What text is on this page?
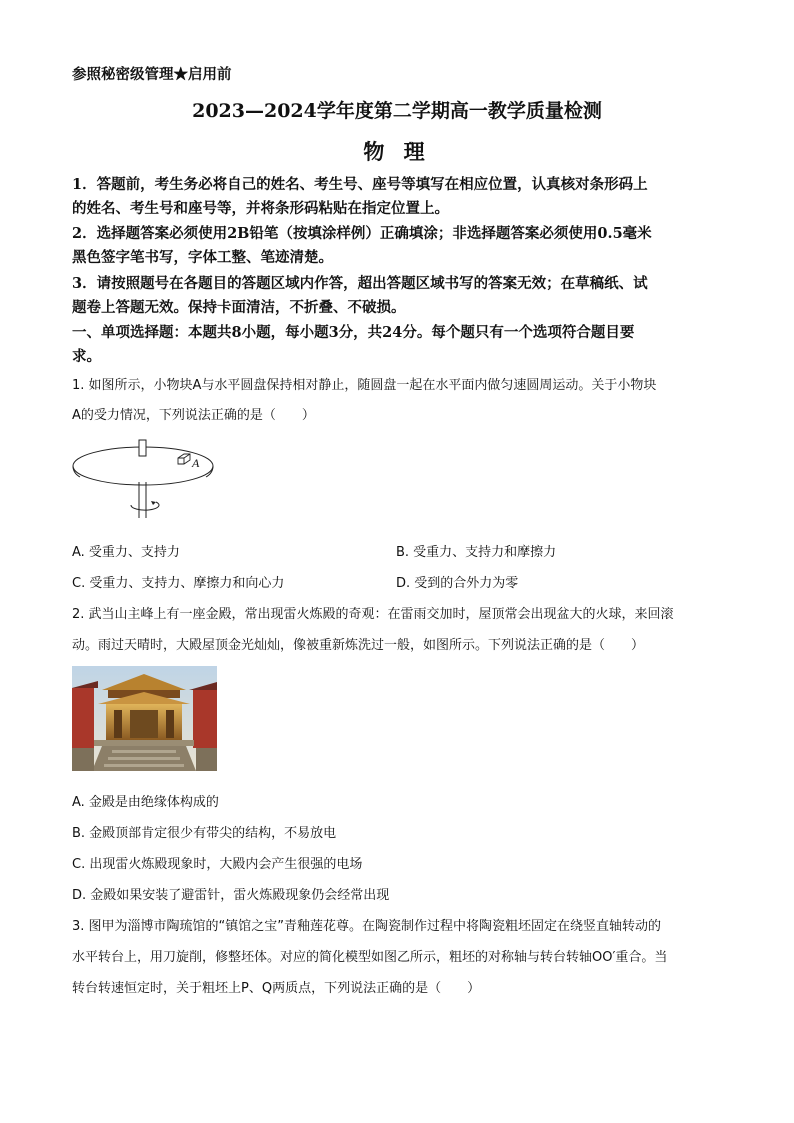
参照秘密级管理★启用前
2023—2024学年度第二学期高一教学质量检测
物 理
1．答题前，考生务必将自己的姓名、考生号、座号等填写在相应位置，认真核对条形码上
的姓名、考生号和座号等，并将条形码粘贴在指定位置上。
2．选择题答案必须使用2B铅笔（按填涂样例）正确填涂；非选择题答案必须使用0.5毫米
黑色签字笔书写，字体工整、笔迹清楚。
3．请按照题号在各题目的答题区域内作答，超出答题区域书写的答案无效；在草稿纸、试
题卷上答题无效。保持卡面清洁，不折叠、不破损。
一、单项选择题：本题共8小题，每小题3分，共24分。每个题只有一个选项符合题目要
求。
1. 如图所示，小物块A与水平圆盘保持相对静止，随圆盘一起在水平面内做匀速圆周运动。关于小物块
A的受力情况，下列说法正确的是（　　）
A
A. 受重力、支持力	B. 受重力、支持力和摩擦力
C. 受重力、支持力、摩擦力和向心力	D. 受到的合外力为零
2. 武当山主峰上有一座金殿，常出现雷火炼殿的奇观：在雷雨交加时，屋顶常会出现盆大的火球，来回滚
动。雨过天晴时，大殿屋顶金光灿灿，像被重新炼洗过一般，如图所示。下列说法正确的是（　　）
A. 金殿是由绝缘体构成的
B. 金殿顶部肯定很少有带尖的结构，不易放电
C. 出现雷火炼殿现象时，大殿内会产生很强的电场
D. 金殿如果安装了避雷针，雷火炼殿现象仍会经常出现
3. 图甲为淄博市陶琉馆的“镇馆之宝”青釉莲花尊。在陶瓷制作过程中将陶瓷粗坯固定在绕竖直轴转动的
水平转台上，用刀旋削，修整坯体。对应的简化模型如图乙所示，粗坯的对称轴与转台转轴OO′重合。当
转台转速恒定时，关于粗坯上P、Q两质点，下列说法正确的是（　　）
